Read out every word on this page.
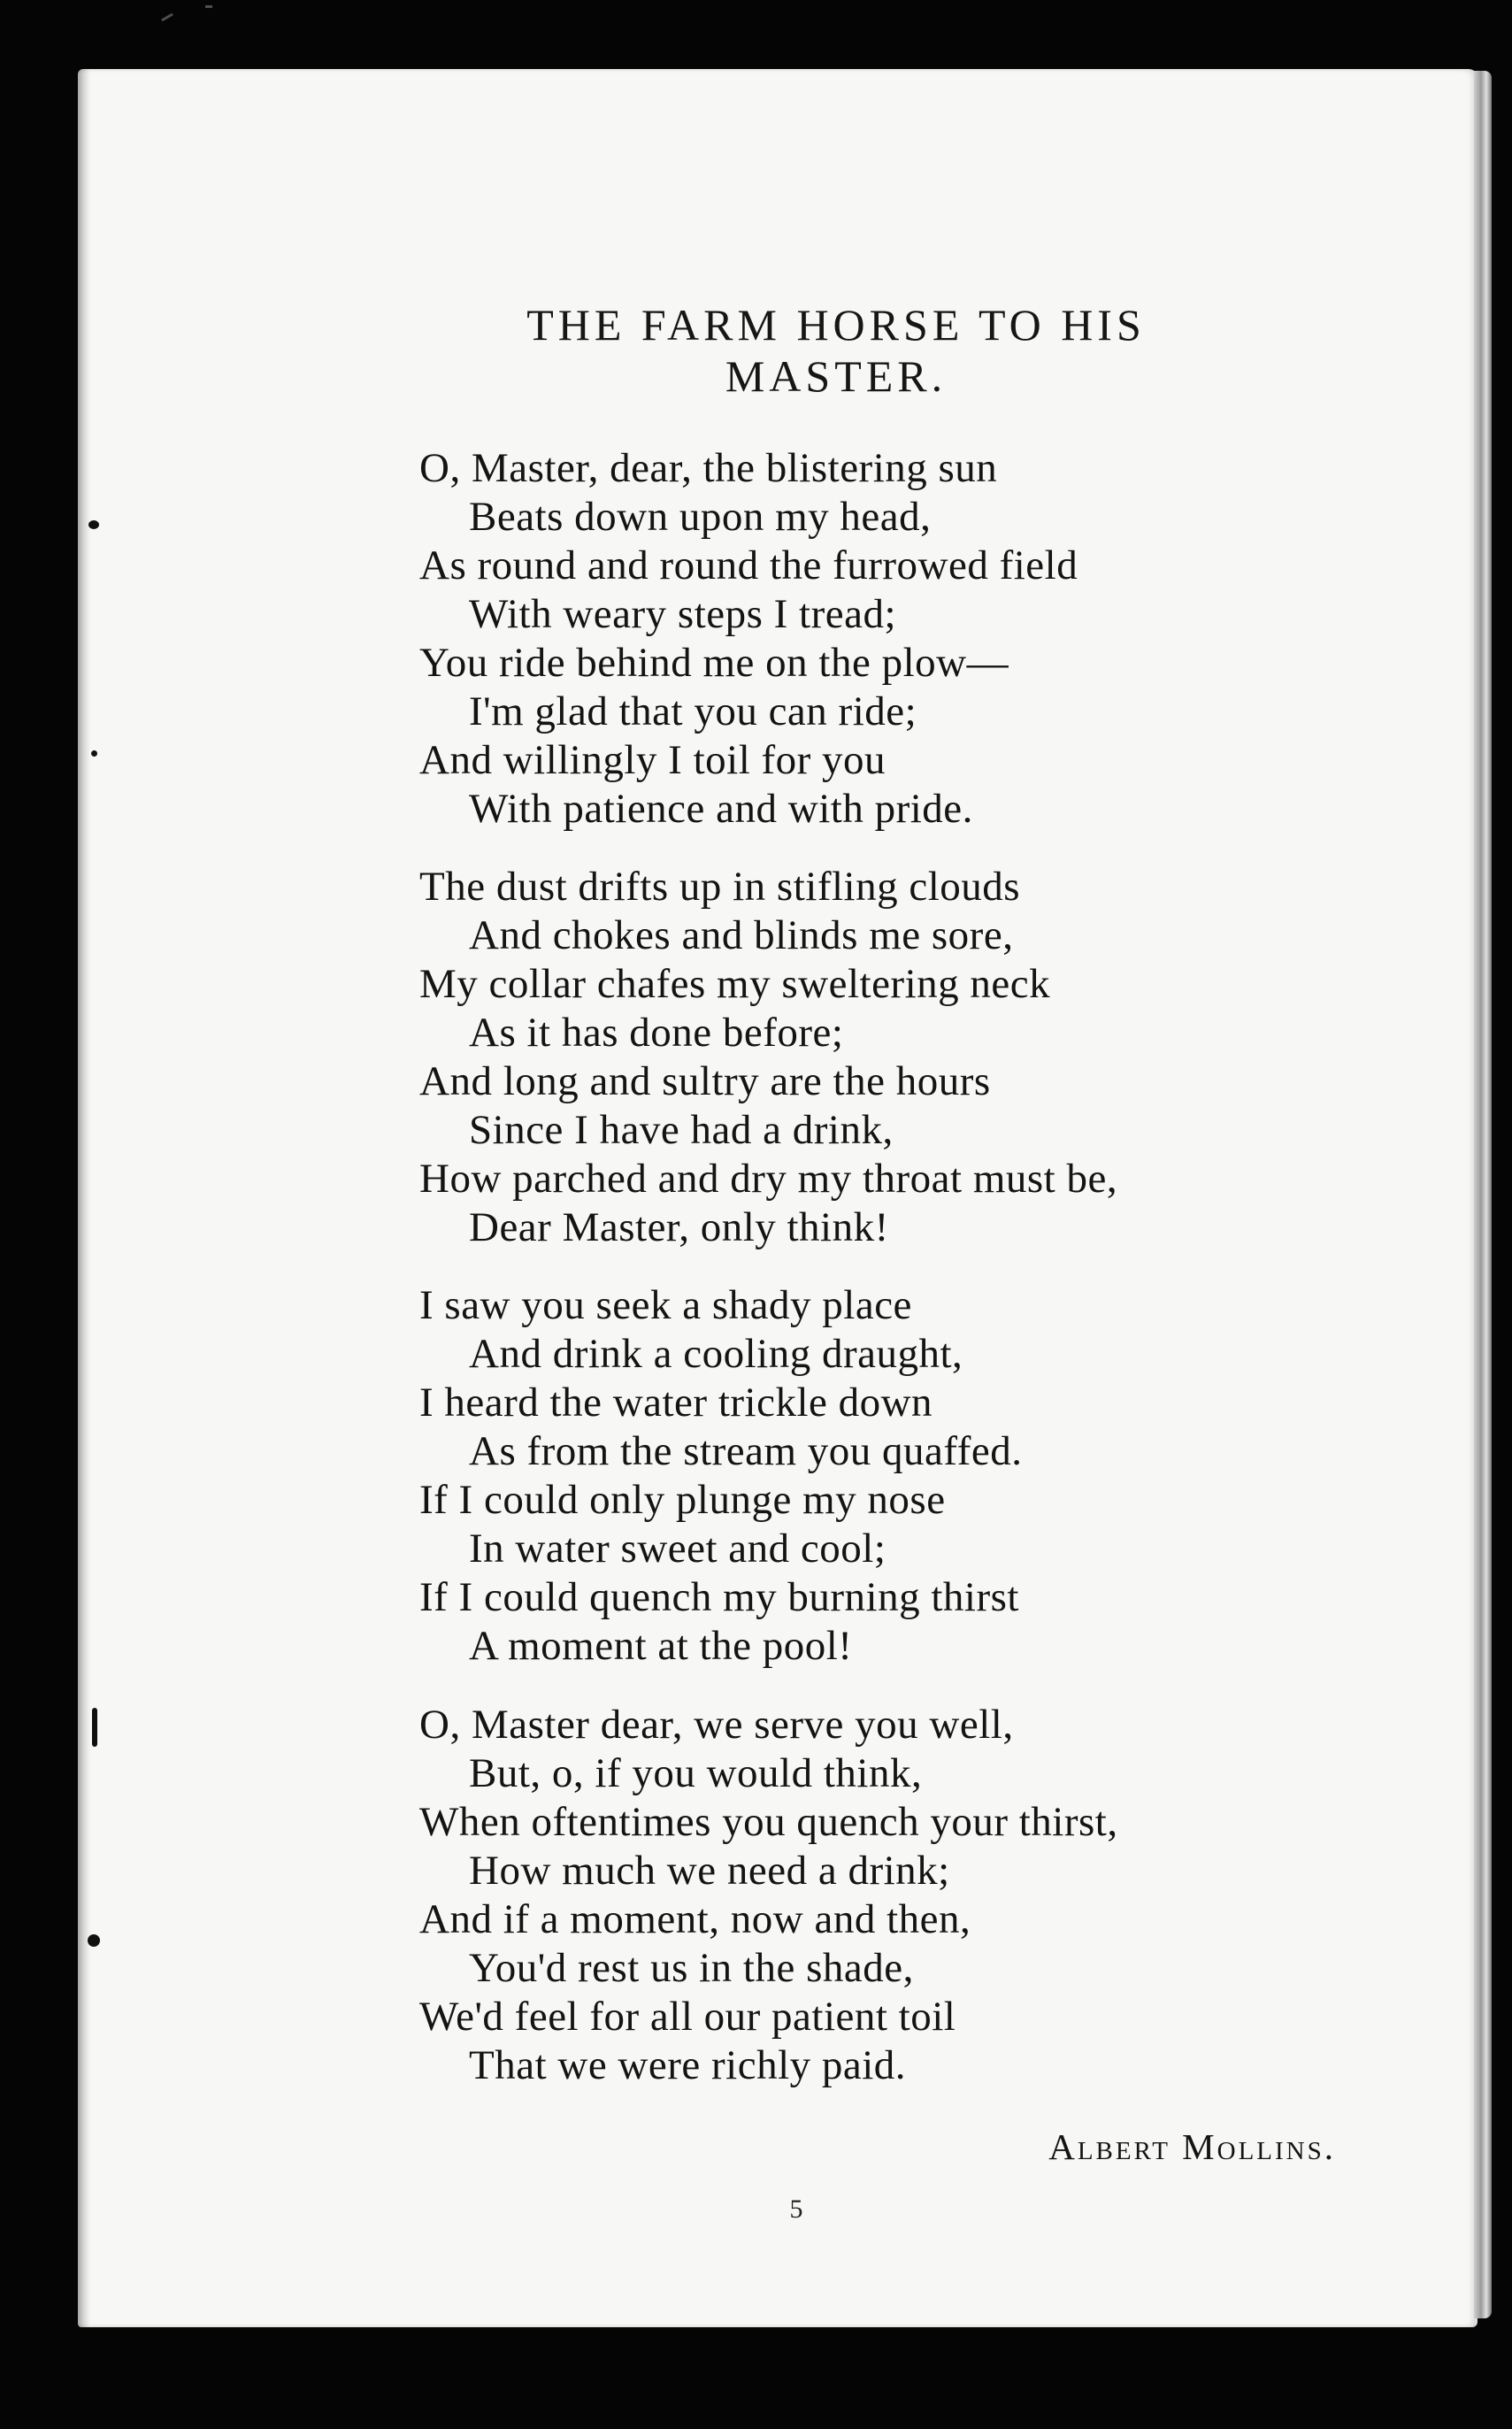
THE FARM HORSE TO HIS
MASTER.
O, Master, dear, the blistering sun
Beats down upon my head,
As round and round the furrowed field
With weary steps I tread;
You ride behind me on the plow—
I'm glad that you can ride;
And willingly I toil for you
With patience and with pride.
The dust drifts up in stifling clouds
And chokes and blinds me sore,
My collar chafes my sweltering neck
As it has done before;
And long and sultry are the hours
Since I have had a drink,
How parched and dry my throat must be,
Dear Master, only think!
I saw you seek a shady place
And drink a cooling draught,
I heard the water trickle down
As from the stream you quaffed.
If I could only plunge my nose
In water sweet and cool;
If I could quench my burning thirst
A moment at the pool!
O, Master dear, we serve you well,
But, o, if you would think,
When oftentimes you quench your thirst,
How much we need a drink;
And if a moment, now and then,
You'd rest us in the shade,
We'd feel for all our patient toil
That we were richly paid.
Albert Mollins.
5
